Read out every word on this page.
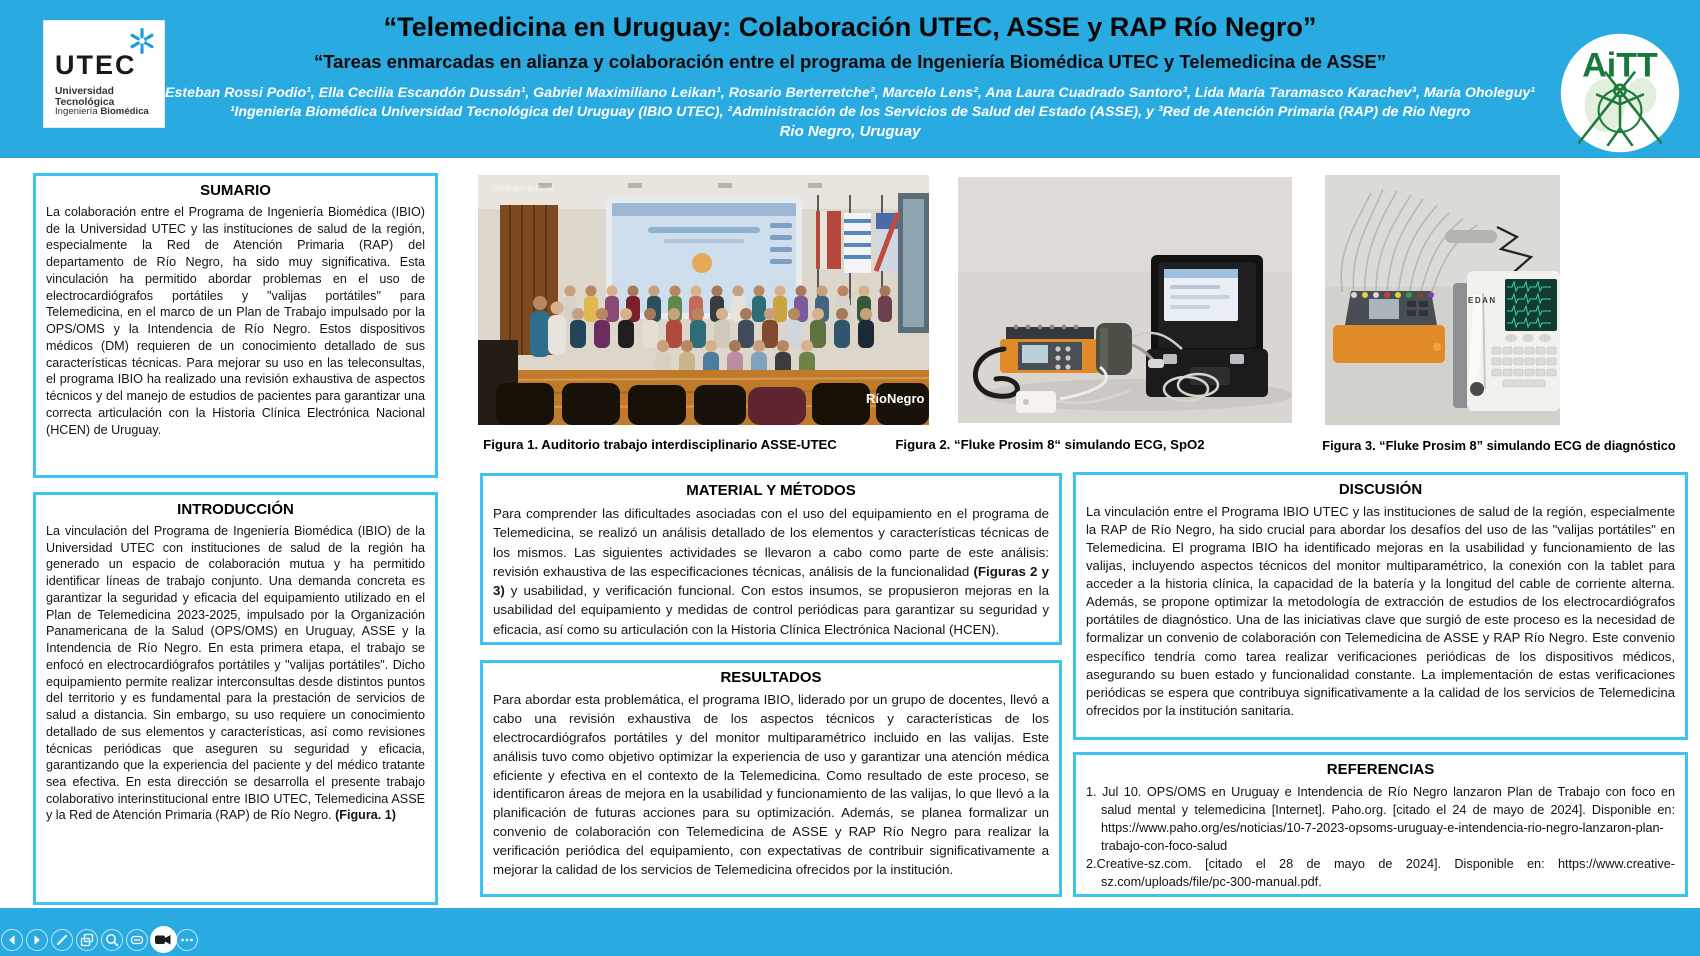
UTEC
Universidad Tecnológica
Ingeniería Biomédica
“Telemedicina en Uruguay: Colaboración UTEC, ASSE y RAP Río Negro”
“Tareas enmarcadas en alianza y colaboración entre el programa de Ingeniería Biomédica UTEC y Telemedicina de ASSE”
Esteban Rossi Podio¹, Ella Cecilia Escandón Dussán¹, Gabriel Maximiliano Leikan¹, Rosario Berterretche², Marcelo Lens², Ana Laura Cuadrado Santoro³, Lida María Taramasco Karachev³, María Oholeguy¹
¹Ingeniería Biomédica Universidad Tecnológica del Uruguay (IBIO UTEC), ²Administración de los Servicios de Salud del Estado (ASSE), y ³Red de Atención Primaria (RAP) de Rio Negro
Rio Negro, Uruguay
AiTT
rionegro.gub.uy
RíoNegro
EDAN
Figura 1. Auditorio trabajo interdisciplinario ASSE-UTEC	Figura 2. “Fluke Prosim 8“ simulando ECG, SpO2	Figura 3. “Fluke Prosim 8” simulando ECG de diagnóstico
SUMARIO

La colaboración entre el Programa de Ingeniería Biomédica (IBIO) de la Universidad UTEC y las instituciones de salud de la región, especialmente la Red de Atención Primaria (RAP) del departamento de Río Negro, ha sido muy significativa. Esta vinculación ha permitido abordar problemas en el uso de electrocardiógrafos portátiles y "valijas portátiles" para Telemedicina, en el marco de un Plan de Trabajo impulsado por la OPS/OMS y la Intendencia de Río Negro. Estos dispositivos médicos (DM) requieren de un conocimiento detallado de sus características técnicas. Para mejorar su uso en las teleconsultas, el programa IBIO ha realizado una revisión exhaustiva de aspectos técnicos y del manejo de estudios de pacientes para garantizar una correcta articulación con la Historia Clínica Electrónica Nacional (HCEN) de Uruguay.

INTRODUCCIÓN

La vinculación del Programa de Ingeniería Biomédica (IBIO) de la Universidad UTEC con instituciones de salud de la región ha generado un espacio de colaboración mutua y ha permitido identificar líneas de trabajo conjunto. Una demanda concreta es garantizar la seguridad y eficacia del equipamiento utilizado en el Plan de Telemedicina 2023-2025, impulsado por la Organización Panamericana de la Salud (OPS/OMS) en Uruguay, ASSE y la Intendencia de Río Negro. En esta primera etapa, el trabajo se enfocó en electrocardiógrafos portátiles y "valijas portátiles". Dicho equipamiento permite realizar interconsultas desde distintos puntos del territorio y es fundamental para la prestación de servicios de salud a distancia. Sin embargo, su uso requiere un conocimiento detallado de sus elementos y características, así como revisiones técnicas periódicas que aseguren su seguridad y eficacia, garantizando que la experiencia del paciente y del médico tratante sea efectiva. En esta dirección se desarrolla el presente trabajo colaborativo interinstitucional entre IBIO UTEC, Telemedicina ASSE y la Red de Atención Primaria (RAP) de Río Negro. (Figura. 1)

MATERIAL Y MÉTODOS

Para comprender las dificultades asociadas con el uso del equipamiento en el programa de Telemedicina, se realizó un análisis detallado de los elementos y características técnicas de los mismos. Las siguientes actividades se llevaron a cabo como parte de este análisis: revisión exhaustiva de las especificaciones técnicas, análisis de la funcionalidad (Figuras 2 y 3) y usabilidad, y verificación funcional. Con estos insumos, se propusieron mejoras en la usabilidad del equipamiento y medidas de control periódicas para garantizar su seguridad y eficacia, así como su articulación con la Historia Clínica Electrónica Nacional (HCEN).

RESULTADOS

Para abordar esta problemática, el programa IBIO, liderado por un grupo de docentes, llevó a cabo una revisión exhaustiva de los aspectos técnicos y características de los electrocardiógrafos portátiles y del monitor multiparamétrico incluido en las valijas. Este análisis tuvo como objetivo optimizar la experiencia de uso y garantizar una atención médica eficiente y efectiva en el contexto de la Telemedicina. Como resultado de este proceso, se identificaron áreas de mejora en la usabilidad y funcionamiento de las valijas, lo que llevó a la planificación de futuras acciones para su optimización. Además, se planea formalizar un convenio de colaboración con Telemedicina de ASSE y RAP Río Negro para realizar la verificación periódica del equipamiento, con expectativas de contribuir significativamente a mejorar la calidad de los servicios de Telemedicina ofrecidos por la institución.

DISCUSIÓN

La vinculación entre el Programa IBIO UTEC y las instituciones de salud de la región, especialmente la RAP de Río Negro, ha sido crucial para abordar los desafíos del uso de las "valijas portátiles" en Telemedicina. El programa IBIO ha identificado mejoras en la usabilidad y funcionamiento de las valijas, incluyendo aspectos técnicos del monitor multiparamétrico, la conexión con la tablet para acceder a la historia clínica, la capacidad de la batería y la longitud del cable de corriente alterna. Además, se propone optimizar la metodología de extracción de estudios de los electrocardiógrafos portátiles de diagnóstico. Una de las iniciativas clave que surgió de este proceso es la necesidad de formalizar un convenio de colaboración con Telemedicina de ASSE y RAP Río Negro. Este convenio específico tendría como tarea realizar verificaciones periódicas de los dispositivos médicos, asegurando su buen estado y funcionalidad constante. La implementación de estas verificaciones periódicas se espera que contribuya significativamente a la calidad de los servicios de Telemedicina ofrecidos por la institución sanitaria.

REFERENCIAS

1. Jul 10. OPS/OMS en Uruguay e Intendencia de Río Negro lanzaron Plan de Trabajo con foco en salud mental y telemedicina [Internet]. Paho.org. [citado el 24 de mayo de 2024]. Disponible en: https://www.paho.org/es/noticias/10-7-2023-opsoms-uruguay-e-intendencia-rio-negro-lanzaron-plan-trabajo-con-foco-salud

2.Creative-sz.com. [citado el 28 de mayo de 2024]. Disponible en: https://www.creative-sz.com/uploads/file/pc-300-manual.pdf.
